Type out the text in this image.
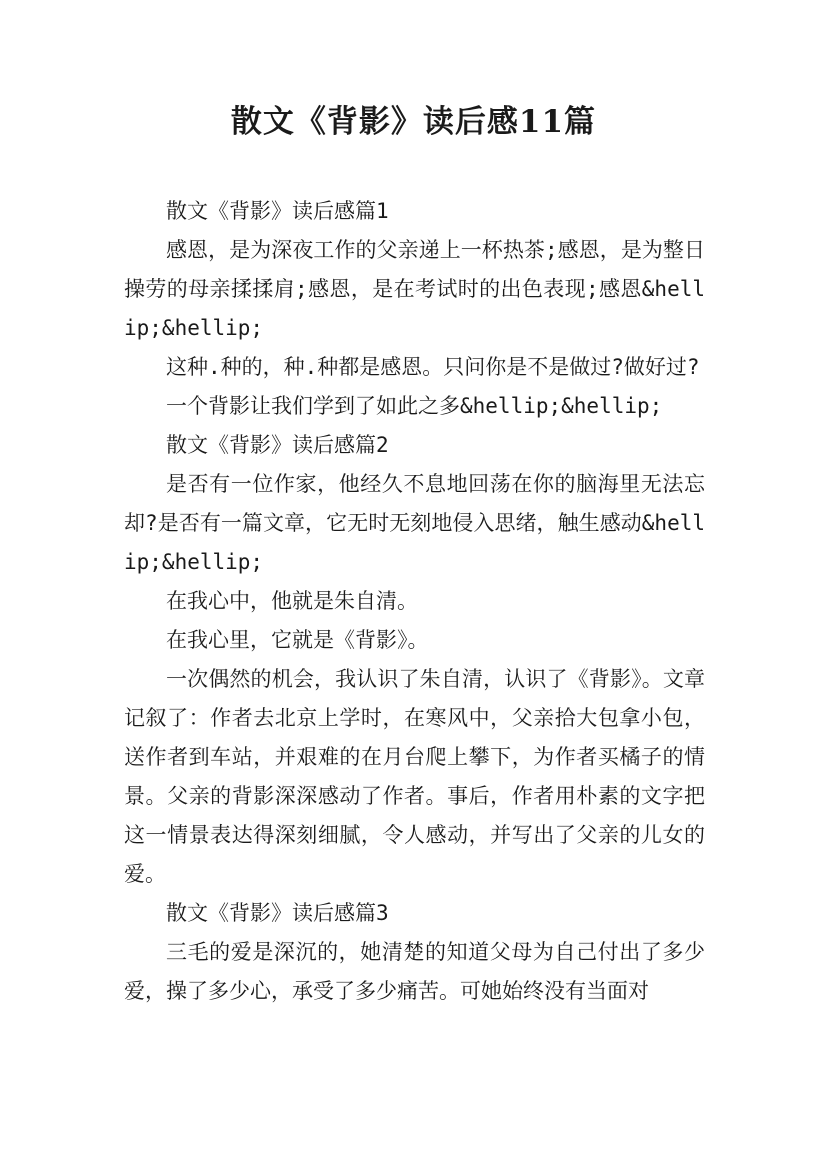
散文《背影》读后感11篇

散文《背影》读后感篇1

感恩，是为深夜工作的父亲递上一杯热茶;感恩，是为整日操劳的母亲揉揉肩;感恩，是在考试时的出色表现;感恩&hellip;&hellip;

这种.种的，种.种都是感恩。只问你是不是做过?做好过?

一个背影让我们学到了如此之多&hellip;&hellip;

散文《背影》读后感篇2

是否有一位作家，他经久不息地回荡在你的脑海里无法忘却?是否有一篇文章，它无时无刻地侵入思绪，触生感动&hellip;&hellip;

在我心中，他就是朱自清。

在我心里，它就是《背影》。

一次偶然的机会，我认识了朱自清，认识了《背影》。文章记叙了：作者去北京上学时，在寒风中，父亲拾大包拿小包，送作者到车站，并艰难的在月台爬上攀下，为作者买橘子的情景。父亲的背影深深感动了作者。事后，作者用朴素的文字把这一情景表达得深刻细腻，令人感动，并写出了父亲的儿女的爱。

散文《背影》读后感篇3

三毛的爱是深沉的，她清楚的知道父母为自己付出了多少爱，操了多少心，承受了多少痛苦。可她始终没有当面对
